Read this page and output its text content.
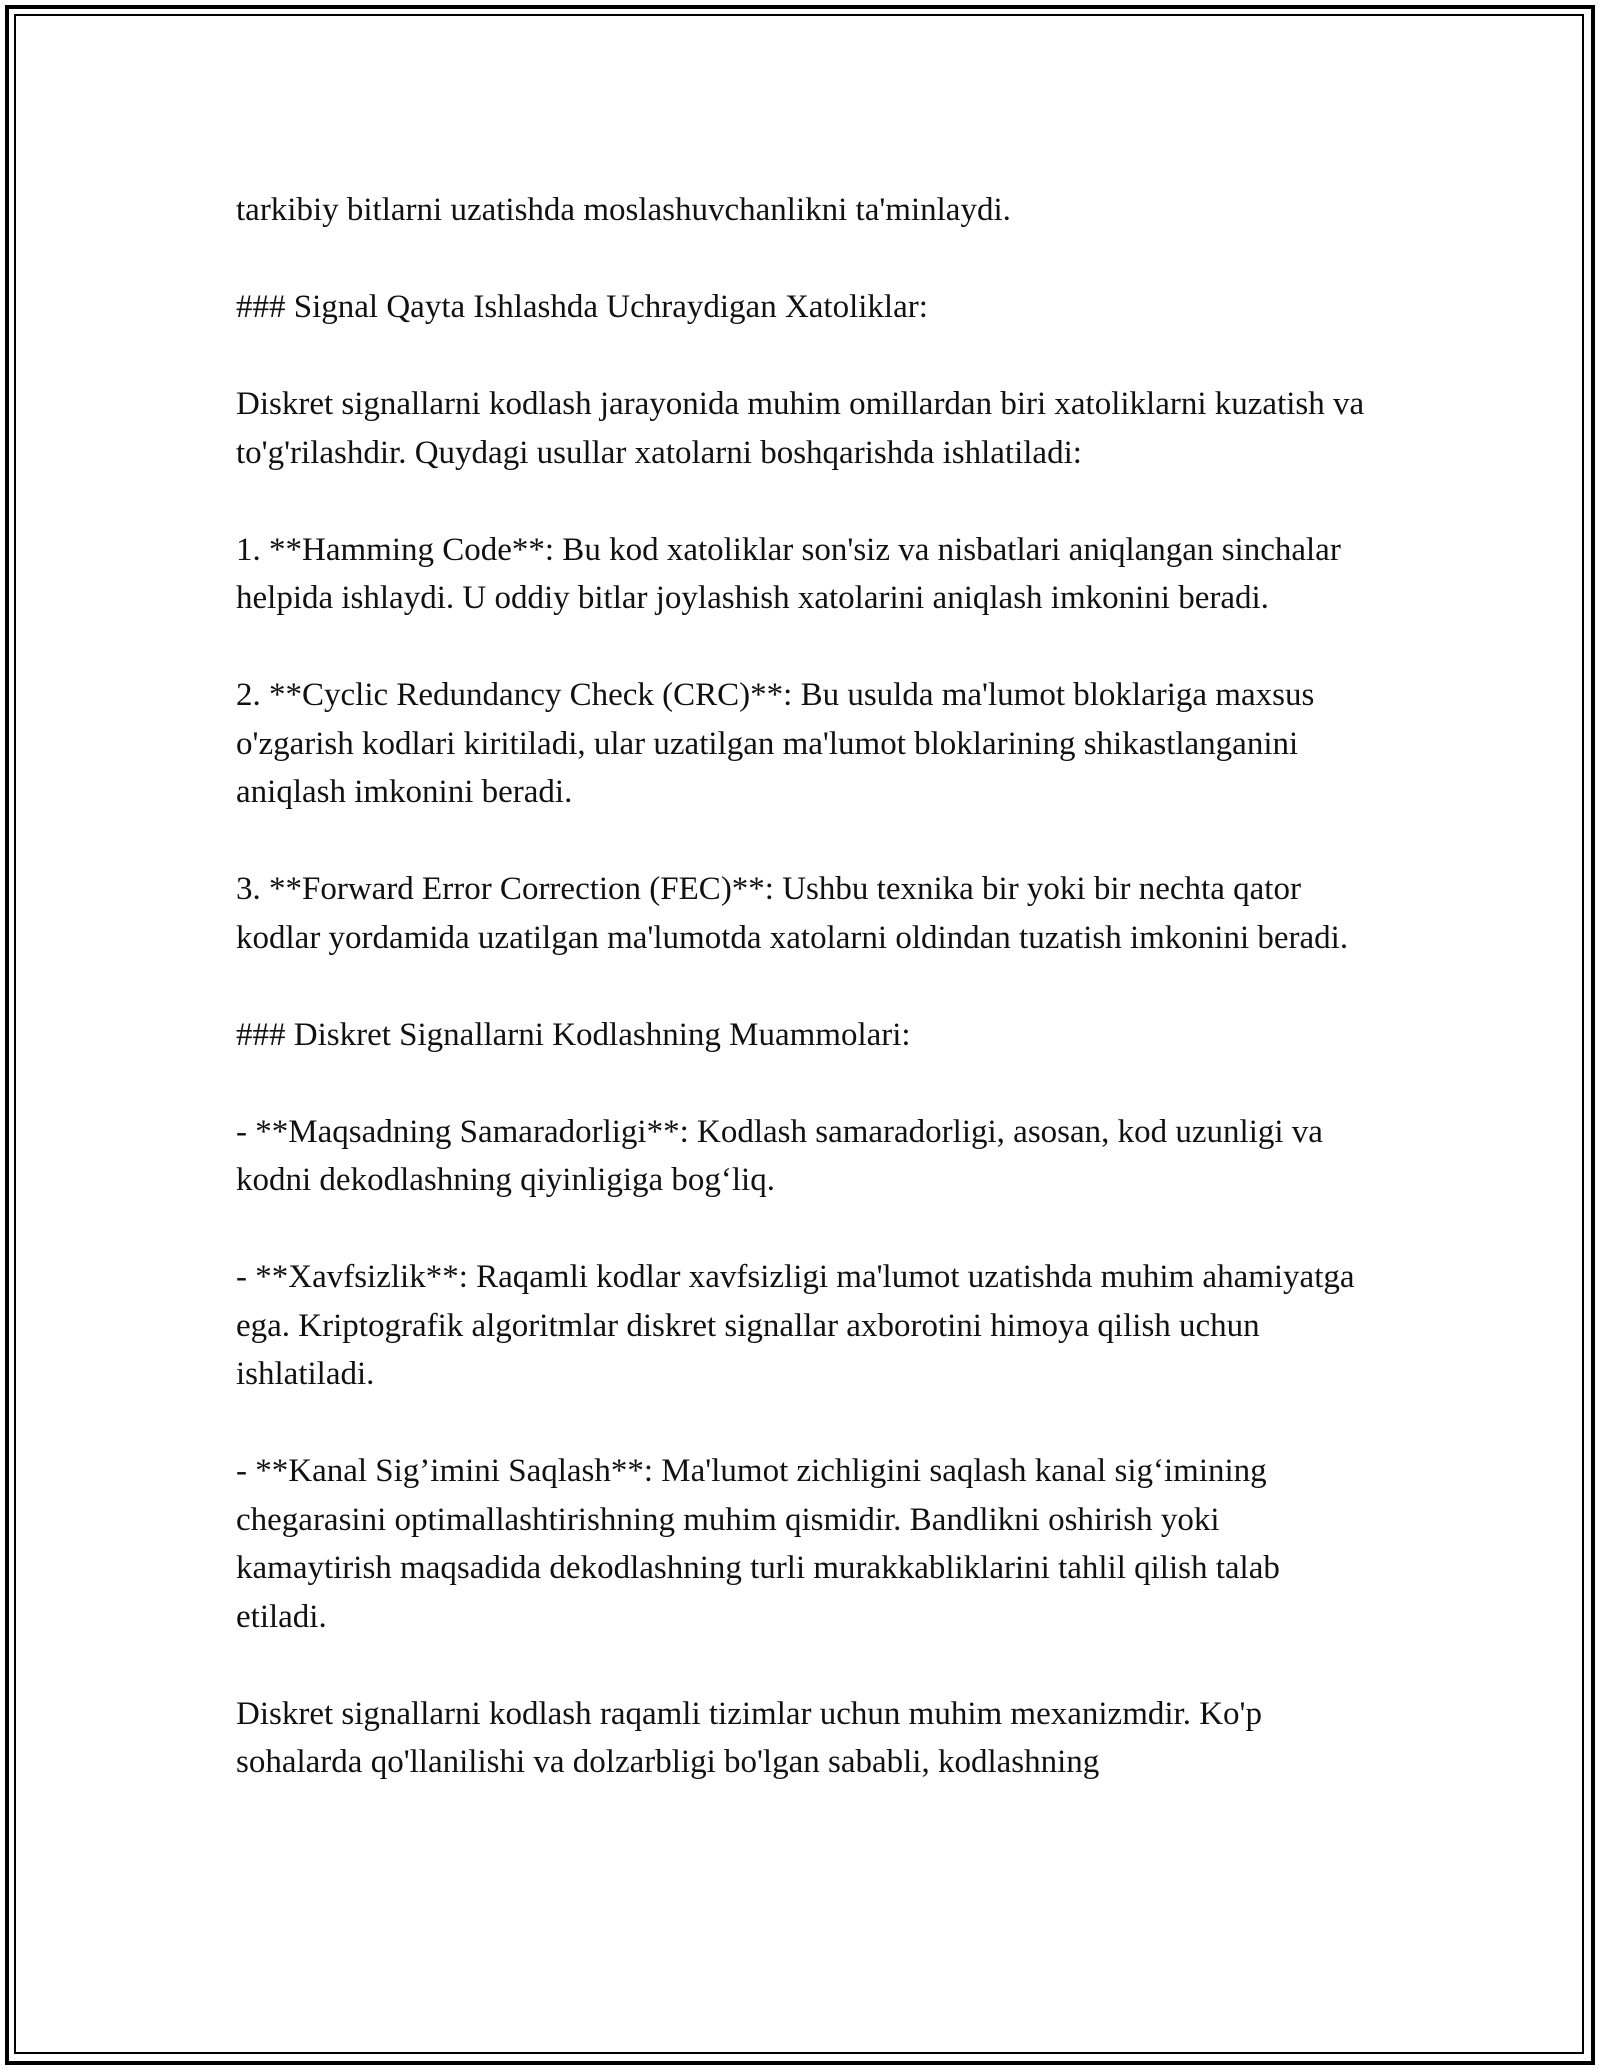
tarkibiy bitlarni uzatishda moslashuvchanlikni ta'minlaydi.

### Signal Qayta Ishlashda Uchraydigan Xatoliklar:

Diskret signallarni kodlash jarayonida muhim omillardan biri xatoliklarni kuzatish va to'g'rilashdir. Quydagi usullar xatolarni boshqarishda ishlatiladi:

1. **Hamming Code**: Bu kod xatoliklar son'siz va nisbatlari aniqlangan sinchalar helpida ishlaydi. U oddiy bitlar joylashish xatolarini aniqlash imkonini beradi.

2. **Cyclic Redundancy Check (CRC)**: Bu usulda ma'lumot bloklariga maxsus o'zgarish kodlari kiritiladi, ular uzatilgan ma'lumot bloklarining shikastlanganini aniqlash imkonini beradi.

3. **Forward Error Correction (FEC)**: Ushbu texnika bir yoki bir nechta qator kodlar yordamida uzatilgan ma'lumotda xatolarni oldindan tuzatish imkonini beradi.

### Diskret Signallarni Kodlashning Muammolari:

- **Maqsadning Samaradorligi**: Kodlash samaradorligi, asosan, kod uzunligi va kodni dekodlashning qiyinligiga bog‘liq.

- **Xavfsizlik**: Raqamli kodlar xavfsizligi ma'lumot uzatishda muhim ahamiyatga ega. Kriptografik algoritmlar diskret signallar axborotini himoya qilish uchun ishlatiladi.

- **Kanal Sig’imini Saqlash**: Ma'lumot zichligini saqlash kanal sig‘imining chegarasini optimallashtirishning muhim qismidir. Bandlikni oshirish yoki kamaytirish maqsadida dekodlashning turli murakkabliklarini tahlil qilish talab etiladi.

Diskret signallarni kodlash raqamli tizimlar uchun muhim mexanizmdir. Ko'p sohalarda qo'llanilishi va dolzarbligi bo'lgan sababli, kodlashning
